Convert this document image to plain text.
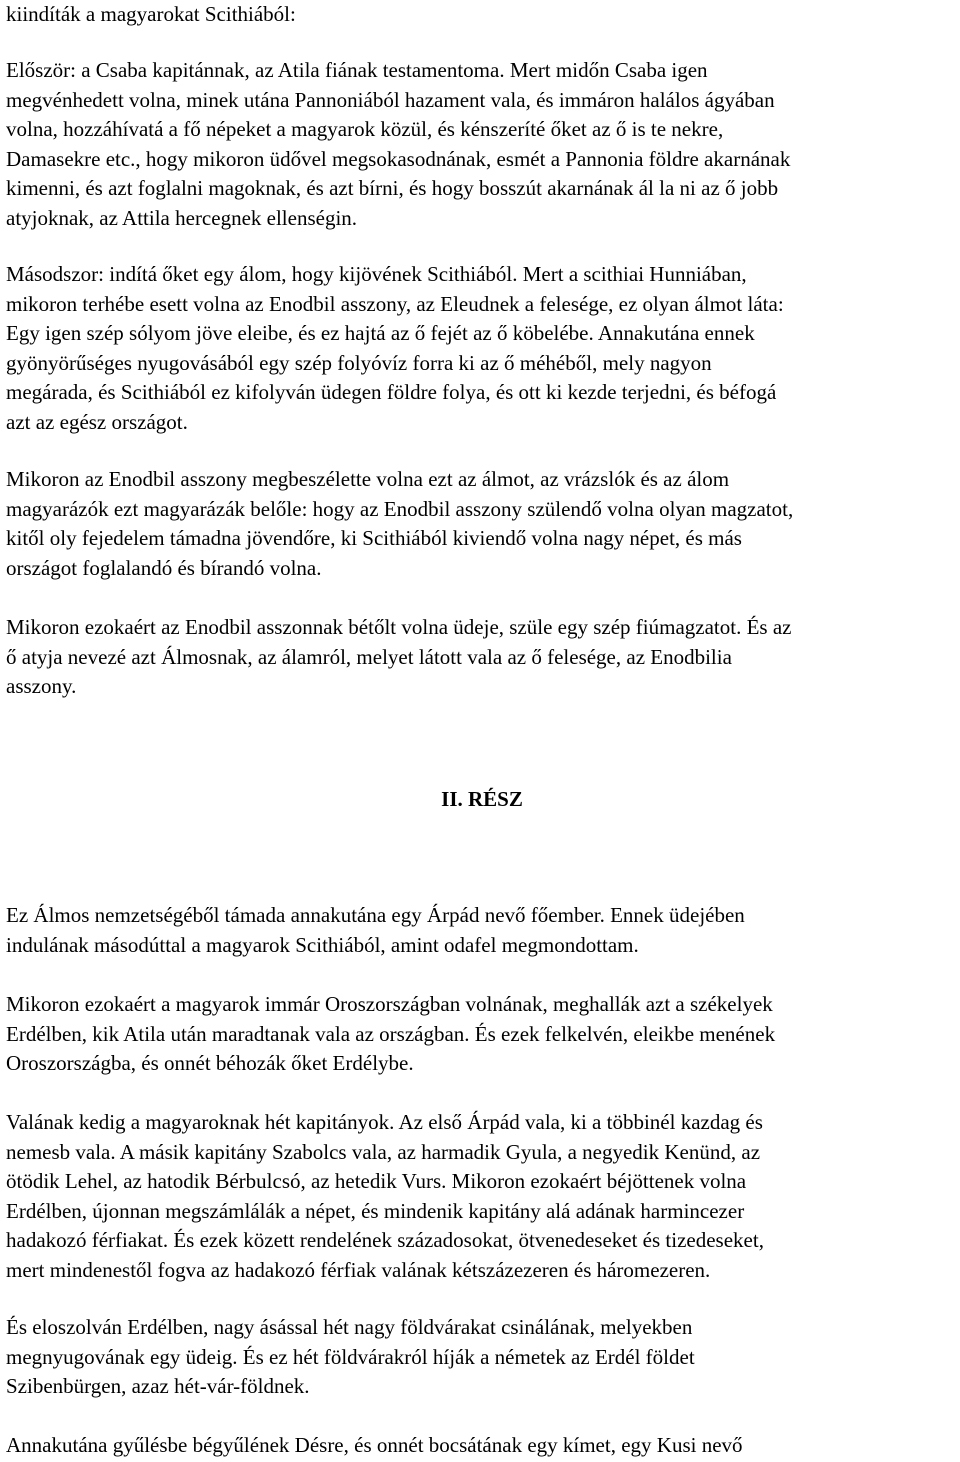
kiindíták a magyarokat Scithiából:

Először: a Csaba kapitánnak, az Atila fiának testamentoma. Mert midőn Csaba igen

megvénhedett volna, minek utána Pannoniából hazament vala, és immáron halálos ágyában

volna, hozzáhívatá a fő népeket a magyarok közül, és kénszeríté őket az ő is te nekre,

Damasekre etc., hogy mikoron üdővel megsokasodnának, esmét a Pannonia földre akarnának

kimenni, és azt foglalni magoknak, és azt bírni, és hogy bosszút akarnának ál la ni az ő jobb

atyjoknak, az Attila hercegnek ellenségin.

Másodszor: indítá őket egy álom, hogy kijövének Scithiából. Mert a scithiai Hunniában,

mikoron terhébe esett volna az Enodbil asszony, az Eleudnek a felesége, ez olyan álmot láta:

Egy igen szép sólyom jöve eleibe, és ez hajtá az ő fejét az ő köbelébe. Annakutána ennek

gyönyörűséges nyugovásából egy szép folyóvíz forra ki az ő méhéből, mely nagyon

megárada, és Scithiából ez kifolyván üdegen földre folya, és ott ki kezde terjedni, és béfogá

azt az egész országot.

Mikoron az Enodbil asszony megbeszélette volna ezt az álmot, az vrázslók és az álom

magyarázók ezt magyarázák belőle: hogy az Enodbil asszony szülendő volna olyan magzatot,

kitől oly fejedelem támadna jövendőre, ki Scithiából kiviendő volna nagy népet, és más

országot foglalandó és bírandó volna.

Mikoron ezokaért az Enodbil asszonnak bétőlt volna üdeje, szüle egy szép fiúmagzatot. És az

ő atyja nevezé azt Álmosnak, az álamról, melyet látott vala az ő felesége, az Enodbilia

asszony.

II. RÉSZ

Ez Álmos nemzetségéből támada annakutána egy Árpád nevő főember. Ennek üdejében

indulának másodúttal a magyarok Scithiából, amint odafel megmondottam.

Mikoron ezokaért a magyarok immár Oroszországban volnának, meghallák azt a székelyek

Erdélben, kik Atila után maradtanak vala az országban. És ezek felkelvén, eleikbe menének

Oroszországba, és onnét béhozák őket Erdélybe.

Valának kedig a magyaroknak hét kapitányok. Az első Árpád vala, ki a többinél kazdag és

nemesb vala. A másik kapitány Szabolcs vala, az harmadik Gyula, a negyedik Kenünd, az

ötödik Lehel, az hatodik Bérbulcsó, az hetedik Vurs. Mikoron ezokaért béjöttenek volna

Erdélben, újonnan megszámlálák a népet, és mindenik kapitány alá adának harmincezer

hadakozó férfiakat. És ezek közett rendelének századosokat, ötvenedeseket és tizedeseket,

mert mindenestől fogva az hadakozó férfiak valának kétszázezeren és háromezeren.

És eloszolván Erdélben, nagy ásással hét nagy földvárakat csinálának, melyekben

megnyugovának egy üdeig. És ez hét földvárakról híják a németek az Erdél földet

Szibenbürgen, azaz hét-vár-földnek.

Annakutána gyűlésbe bégyűlének Désre, és onnét bocsátának egy kímet, egy Kusi nevő
